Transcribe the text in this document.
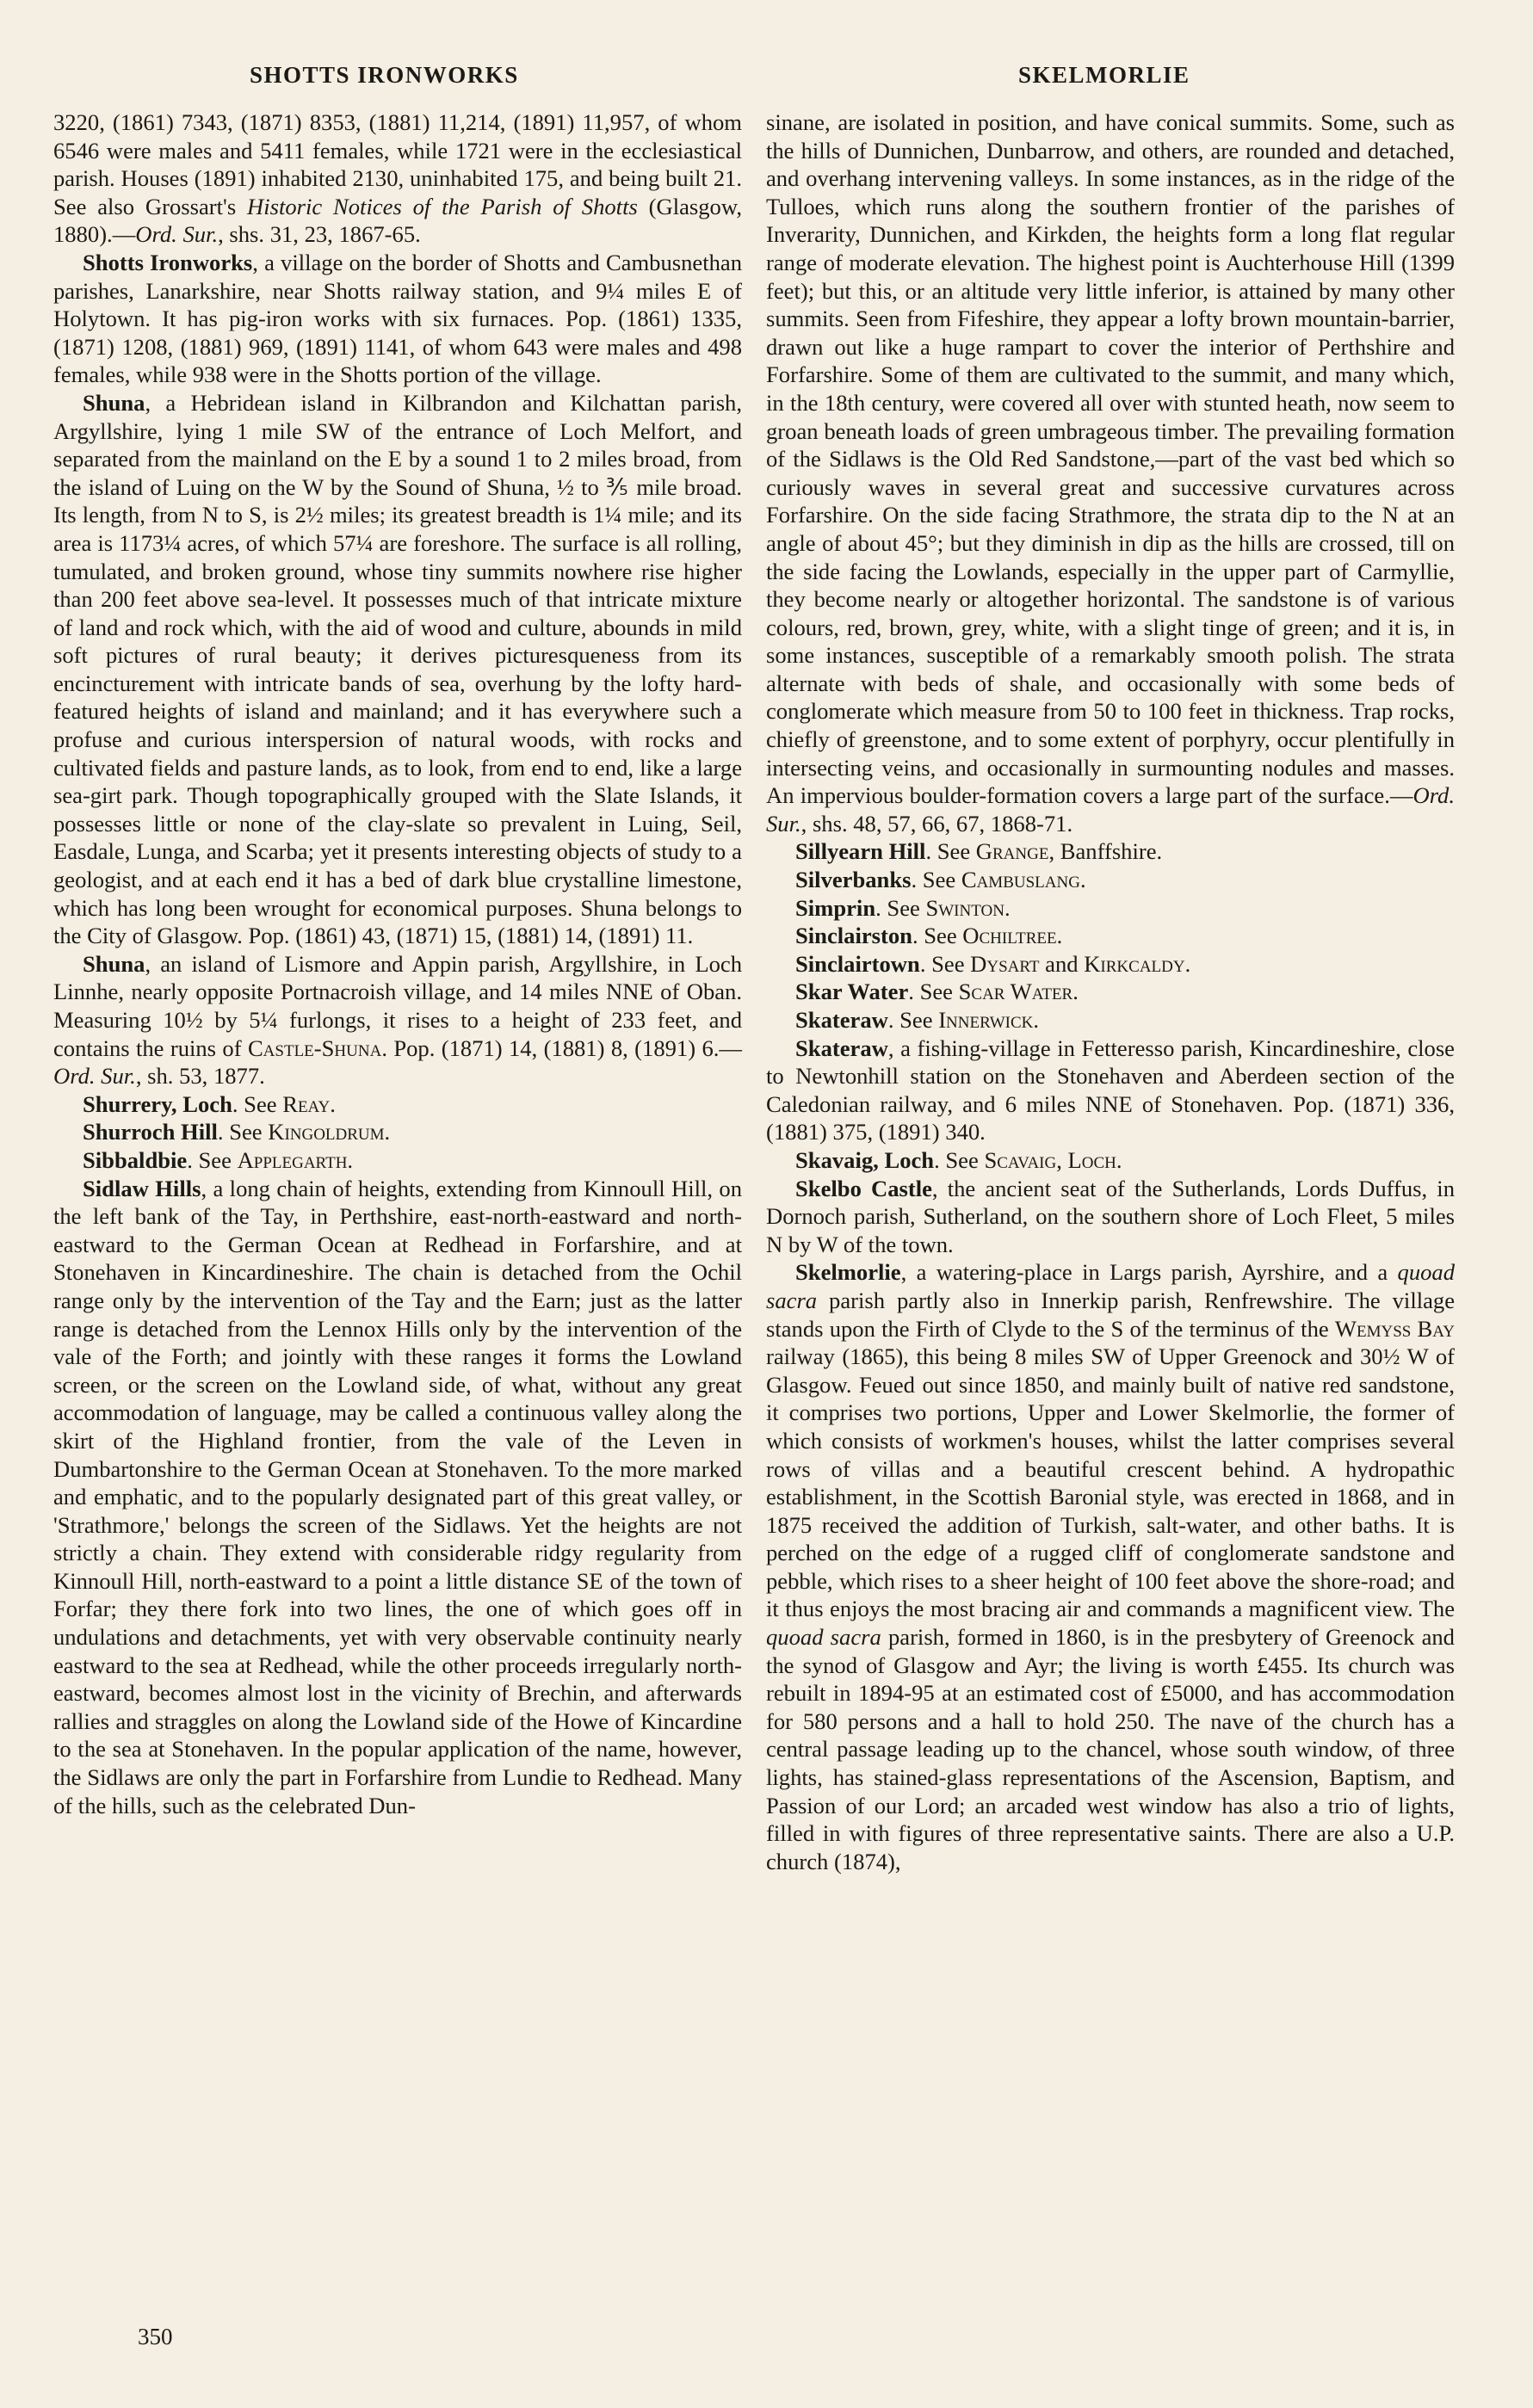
SHOTTS IRONWORKS	SKELMORLIE

3220, (1861) 7343, (1871) 8353, (1881) 11,214, (1891) 11,957, of whom 6546 were males and 5411 females, while 1721 were in the ecclesiastical parish. Houses (1891) inhabited 2130, uninhabited 175, and being built 21. See also Grossart's Historic Notices of the Parish of Shotts (Glasgow, 1880).—Ord. Sur., shs. 31, 23, 1867-65.

Shotts Ironworks, a village on the border of Shotts and Cambusnethan parishes, Lanarkshire, near Shotts railway station, and 9¼ miles E of Holytown. It has pig-iron works with six furnaces. Pop. (1861) 1335, (1871) 1208, (1881) 969, (1891) 1141, of whom 643 were males and 498 females, while 938 were in the Shotts portion of the village.

Shuna, a Hebridean island in Kilbrandon and Kilchattan parish, Argyllshire, lying 1 mile SW of the entrance of Loch Melfort, and separated from the mainland on the E by a sound 1 to 2 miles broad, from the island of Luing on the W by the Sound of Shuna, ½ to ⅗ mile broad. Its length, from N to S, is 2½ miles; its greatest breadth is 1¼ mile; and its area is 1173¼ acres, of which 57¼ are foreshore. The surface is all rolling, tumulated, and broken ground, whose tiny summits nowhere rise higher than 200 feet above sea-level. It possesses much of that intricate mixture of land and rock which, with the aid of wood and culture, abounds in mild soft pictures of rural beauty; it derives picturesqueness from its encincturement with intricate bands of sea, overhung by the lofty hard-featured heights of island and mainland; and it has everywhere such a profuse and curious interspersion of natural woods, with rocks and cultivated fields and pasture lands, as to look, from end to end, like a large sea-girt park. Though topographically grouped with the Slate Islands, it possesses little or none of the clay-slate so prevalent in Luing, Seil, Easdale, Lunga, and Scarba; yet it presents interesting objects of study to a geologist, and at each end it has a bed of dark blue crystalline limestone, which has long been wrought for economical purposes. Shuna belongs to the City of Glasgow. Pop. (1861) 43, (1871) 15, (1881) 14, (1891) 11.

Shuna, an island of Lismore and Appin parish, Argyllshire, in Loch Linnhe, nearly opposite Portnacroish village, and 14 miles NNE of Oban. Measuring 10½ by 5¼ furlongs, it rises to a height of 233 feet, and contains the ruins of Castle-Shuna. Pop. (1871) 14, (1881) 8, (1891) 6.—Ord. Sur., sh. 53, 1877.

Shurrery, Loch. See Reay.

Shurroch Hill. See Kingoldrum.

Sibbaldbie. See Applegarth.

Sidlaw Hills, a long chain of heights, extending from Kinnoull Hill, on the left bank of the Tay, in Perthshire, east-north-eastward and north-eastward to the German Ocean at Redhead in Forfarshire, and at Stonehaven in Kincardineshire. The chain is detached from the Ochil range only by the intervention of the Tay and the Earn; just as the latter range is detached from the Lennox Hills only by the intervention of the vale of the Forth; and jointly with these ranges it forms the Lowland screen, or the screen on the Lowland side, of what, without any great accommodation of language, may be called a continuous valley along the skirt of the Highland frontier, from the vale of the Leven in Dumbartonshire to the German Ocean at Stonehaven. To the more marked and emphatic, and to the popularly designated part of this great valley, or 'Strathmore,' belongs the screen of the Sidlaws. Yet the heights are not strictly a chain. They extend with considerable ridgy regularity from Kinnoull Hill, north-eastward to a point a little distance SE of the town of Forfar; they there fork into two lines, the one of which goes off in undulations and detachments, yet with very observable continuity nearly eastward to the sea at Redhead, while the other proceeds irregularly north-eastward, becomes almost lost in the vicinity of Brechin, and afterwards rallies and straggles on along the Lowland side of the Howe of Kincardine to the sea at Stonehaven. In the popular application of the name, however, the Sidlaws are only the part in Forfarshire from Lundie to Redhead. Many of the hills, such as the celebrated Dun-

sinane, are isolated in position, and have conical summits. Some, such as the hills of Dunnichen, Dunbarrow, and others, are rounded and detached, and overhang intervening valleys. In some instances, as in the ridge of the Tulloes, which runs along the southern frontier of the parishes of Inverarity, Dunnichen, and Kirkden, the heights form a long flat regular range of moderate elevation. The highest point is Auchterhouse Hill (1399 feet); but this, or an altitude very little inferior, is attained by many other summits. Seen from Fifeshire, they appear a lofty brown mountain-barrier, drawn out like a huge rampart to cover the interior of Perthshire and Forfarshire. Some of them are cultivated to the summit, and many which, in the 18th century, were covered all over with stunted heath, now seem to groan beneath loads of green umbrageous timber. The prevailing formation of the Sidlaws is the Old Red Sandstone,—part of the vast bed which so curiously waves in several great and successive curvatures across Forfarshire. On the side facing Strathmore, the strata dip to the N at an angle of about 45°; but they diminish in dip as the hills are crossed, till on the side facing the Lowlands, especially in the upper part of Carmyllie, they become nearly or altogether horizontal. The sandstone is of various colours, red, brown, grey, white, with a slight tinge of green; and it is, in some instances, susceptible of a remarkably smooth polish. The strata alternate with beds of shale, and occasionally with some beds of conglomerate which measure from 50 to 100 feet in thickness. Trap rocks, chiefly of greenstone, and to some extent of porphyry, occur plentifully in intersecting veins, and occasionally in surmounting nodules and masses. An impervious boulder-formation covers a large part of the surface.—Ord. Sur., shs. 48, 57, 66, 67, 1868-71.

Sillyearn Hill. See Grange, Banffshire.

Silverbanks. See Cambuslang.

Simprin. See Swinton.

Sinclairston. See Ochiltree.

Sinclairtown. See Dysart and Kirkcaldy.

Skar Water. See Scar Water.

Skateraw. See Innerwick.

Skateraw, a fishing-village in Fetteresso parish, Kincardineshire, close to Newtonhill station on the Stonehaven and Aberdeen section of the Caledonian railway, and 6 miles NNE of Stonehaven. Pop. (1871) 336, (1881) 375, (1891) 340.

Skavaig, Loch. See Scavaig, Loch.

Skelbo Castle, the ancient seat of the Sutherlands, Lords Duffus, in Dornoch parish, Sutherland, on the southern shore of Loch Fleet, 5 miles N by W of the town.

Skelmorlie, a watering-place in Largs parish, Ayrshire, and a quoad sacra parish partly also in Innerkip parish, Renfrewshire. The village stands upon the Firth of Clyde to the S of the terminus of the Wemyss Bay railway (1865), this being 8 miles SW of Upper Greenock and 30½ W of Glasgow. Feued out since 1850, and mainly built of native red sandstone, it comprises two portions, Upper and Lower Skelmorlie, the former of which consists of workmen's houses, whilst the latter comprises several rows of villas and a beautiful crescent behind. A hydropathic establishment, in the Scottish Baronial style, was erected in 1868, and in 1875 received the addition of Turkish, salt-water, and other baths. It is perched on the edge of a rugged cliff of conglomerate sandstone and pebble, which rises to a sheer height of 100 feet above the shore-road; and it thus enjoys the most bracing air and commands a magnificent view. The quoad sacra parish, formed in 1860, is in the presbytery of Greenock and the synod of Glasgow and Ayr; the living is worth £455. Its church was rebuilt in 1894-95 at an estimated cost of £5000, and has accommodation for 580 persons and a hall to hold 250. The nave of the church has a central passage leading up to the chancel, whose south window, of three lights, has stained-glass representations of the Ascension, Baptism, and Passion of our Lord; an arcaded west window has also a trio of lights, filled in with figures of three representative saints. There are also a U.P. church (1874),

350
